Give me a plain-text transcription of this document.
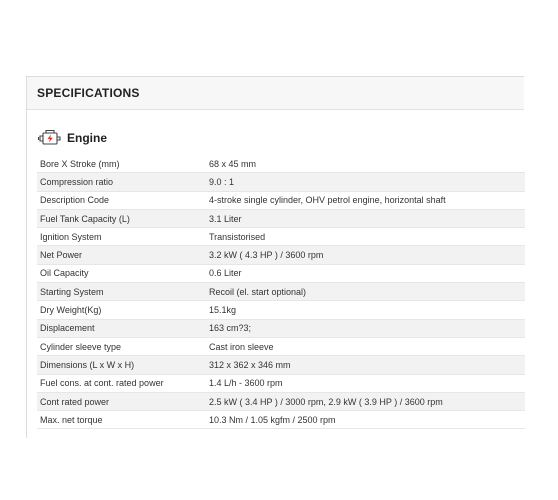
SPECIFICATIONS
Engine
Bore X Stroke (mm)	68 x 45 mm
Compression ratio	9.0 : 1
Description Code	4-stroke single cylinder, OHV petrol engine, horizontal shaft
Fuel Tank Capacity (L)	3.1 Liter
Ignition System	Transistorised
Net Power	3.2 kW ( 4.3 HP ) / 3600 rpm
Oil Capacity	0.6 Liter
Starting System	Recoil (el. start optional)
Dry Weight(Kg)	15.1kg
Displacement	163 cm?3;
Cylinder sleeve type	Cast iron sleeve
Dimensions (L x W x H)	312 x 362 x 346 mm
Fuel cons. at cont. rated power	1.4 L/h - 3600 rpm
Cont rated power	2.5 kW ( 3.4 HP ) / 3000 rpm, 2.9 kW ( 3.9 HP ) / 3600 rpm
Max. net torque	10.3 Nm / 1.05 kgfm / 2500 rpm
